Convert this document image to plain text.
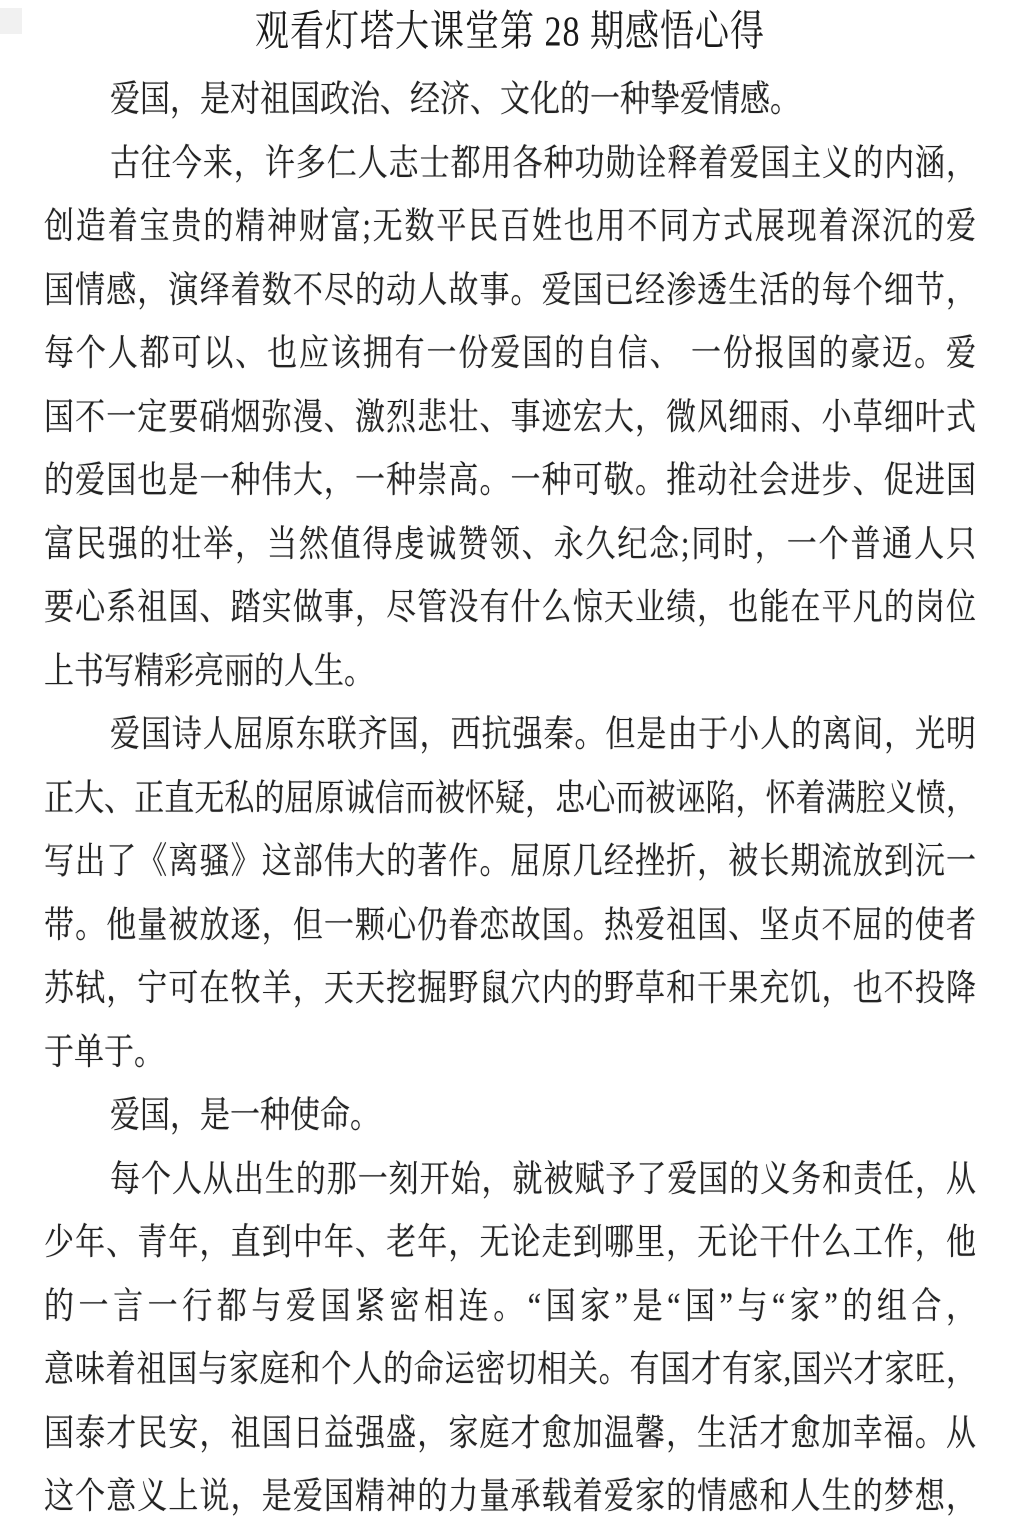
观看灯塔大课堂第 28 期感悟心得
爱国，是对祖国政治、经济、文化的一种挚爱情感。
古往今来，许多仁人志士都用各种功勋诠释着爱国主义的内涵，
创造着宝贵的精神财富;无数平民百姓也用不同方式展现着深沉的爱
国情感，演绎着数不尽的动人故事。爱国已经渗透生活的每个细节，
每个人都可以、也应该拥有一份爱国的自信、 一份报国的豪迈。爱
国不一定要硝烟弥漫、激烈悲壮、事迹宏大，微风细雨、小草细叶式
的爱国也是一种伟大，一种崇高。一种可敬。推动社会进步、促进国
富民强的壮举，当然值得虔诚赞领、永久纪念;同时，一个普通人只
要心系祖国、踏实做事，尽管没有什么惊天业绩，也能在平凡的岗位
上书写精彩亮丽的人生。
爱国诗人屈原东联齐国，西抗强秦。但是由于小人的离间，光明
正大、正直无私的屈原诚信而被怀疑，忠心而被诬陷，怀着满腔义愤，
写出了《离骚》这部伟大的著作。屈原几经挫折，被长期流放到沅一
带。他量被放逐，但一颗心仍眷恋故国。热爱祖国、坚贞不屈的使者
苏轼，宁可在牧羊，天天挖掘野鼠穴内的野草和干果充饥，也不投降
于单于。
爱国，是一种使命。
每个人从出生的那一刻开始，就被赋予了爱国的义务和责任，从
少年、青年，直到中年、老年，无论走到哪里，无论干什么工作，他
的一言一行都与爱国紧密相连。“国家”是“国”与“家”的组合，
意味着祖国与家庭和个人的命运密切相关。有国才有家,国兴才家旺，
国泰才民安，祖国日益强盛，家庭才愈加温馨，生活才愈加幸福。从
这个意义上说，是爱国精神的力量承载着爱家的情感和人生的梦想，
